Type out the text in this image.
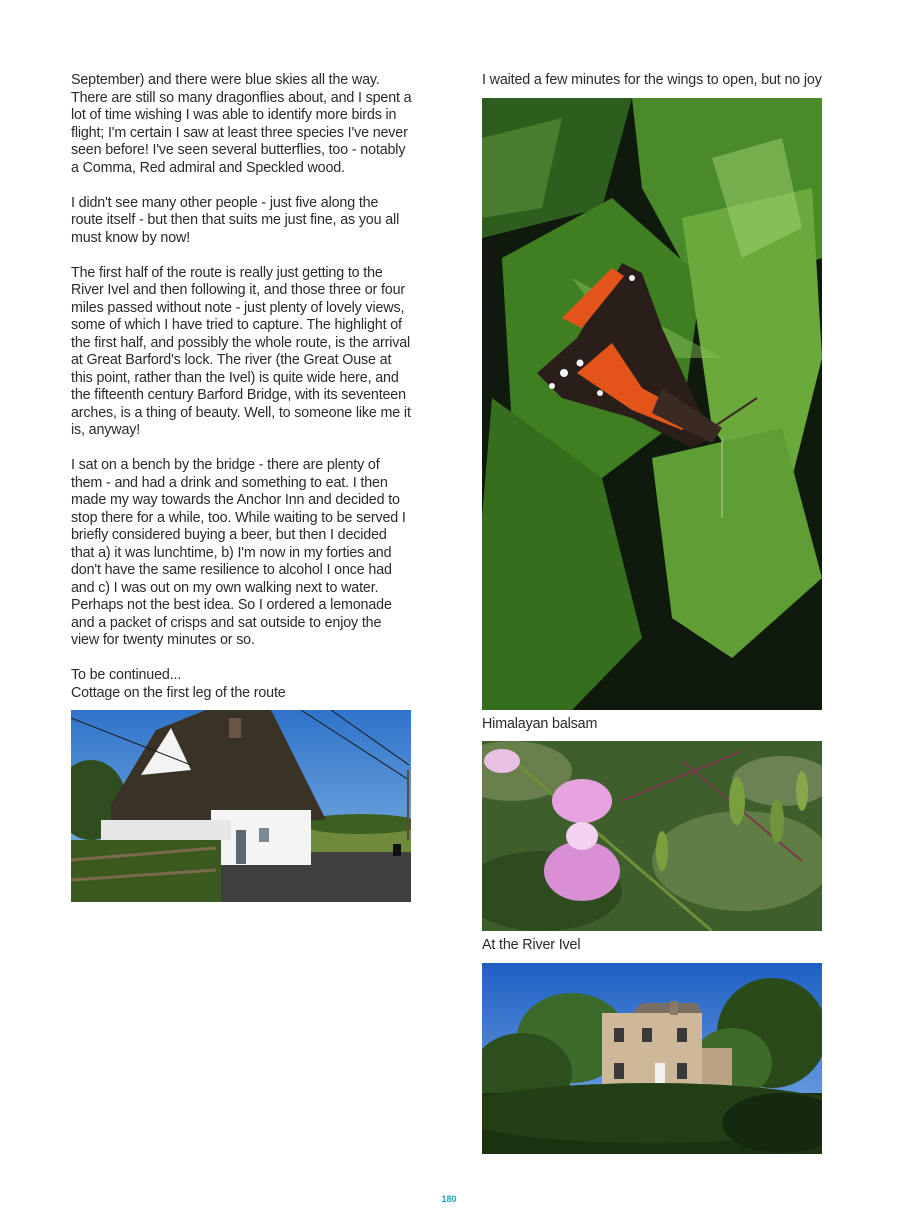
September) and there were blue skies all the way. There are still so many dragonflies about, and I spent a lot of time wishing I was able to identify more birds in flight; I'm certain I saw at least three species I've never seen before! I've seen several butterflies, too - notably a Comma, Red admiral and Speckled wood.

I didn't see many other people - just five along the route itself - but then that suits me just fine, as you all must know by now!

The first half of the route is really just getting to the River Ivel and then following it, and those three or four miles passed without note - just plenty of lovely views, some of which I have tried to capture. The highlight of the first half, and possibly the whole route, is the arrival at Great Barford's lock. The river (the Great Ouse at this point, rather than the Ivel) is quite wide here, and the fifteenth century Barford Bridge, with its seventeen arches, is a thing of beauty. Well, to someone like me it is, anyway!

I sat on a bench by the bridge - there are plenty of them - and had a drink and something to eat. I then made my way towards the Anchor Inn and decided to stop there for a while, too. While waiting to be served I briefly considered buying a beer, but then I decided that a) it was lunchtime, b) I'm now in my forties and don't have the same resilience to alcohol I once had and c) I was out on my own walking next to water. Perhaps not the best idea. So I ordered a lemonade and a packet of crisps and sat outside to enjoy the view for twenty minutes or so.

To be continued...

Cottage on the first leg of the route

I waited a few minutes for the wings to open, but no joy

Himalayan balsam

At the River Ivel

180
